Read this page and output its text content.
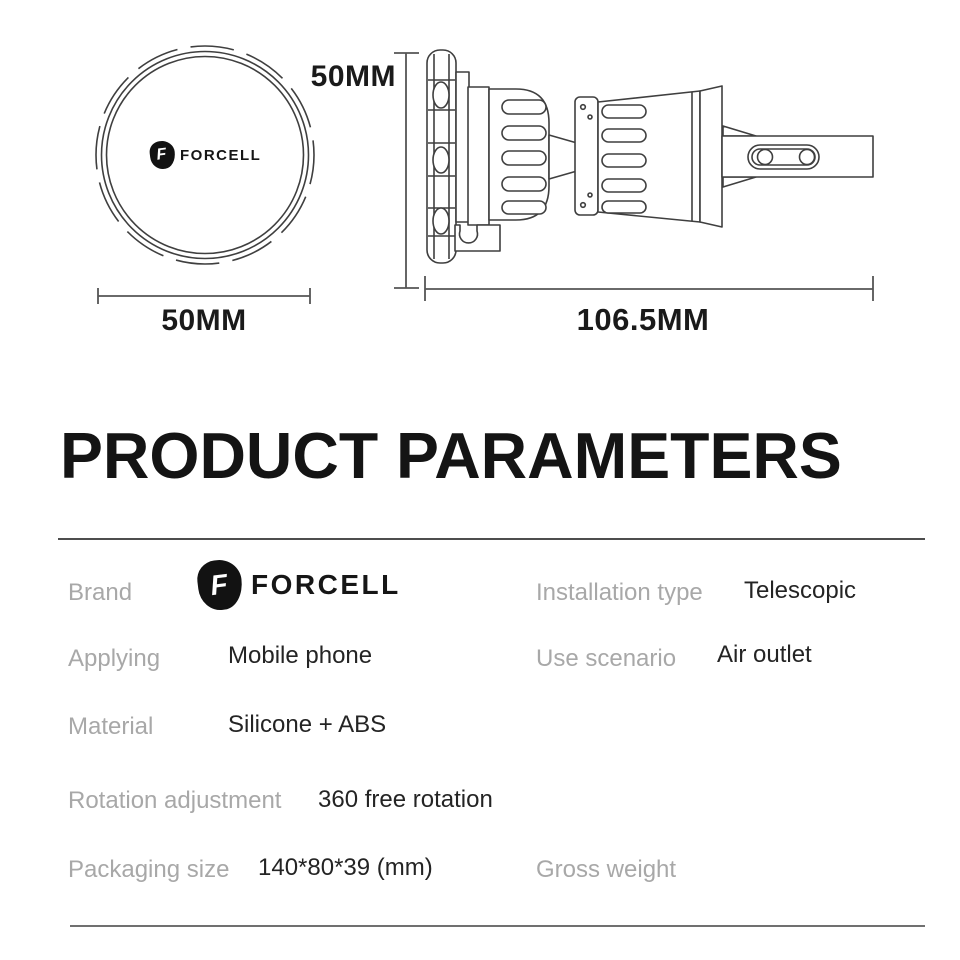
50MM
50MM	106.5MM
F FORCELL
PRODUCT PARAMETERS
Brand	F FORCELL	Installation type Telescopic
Applying	Mobile phone	Use scenario Air outlet
Material	Silicone + ABS
Rotation adjustment 360 free rotation
Packaging size 140*80*39 (mm)	Gross weight
